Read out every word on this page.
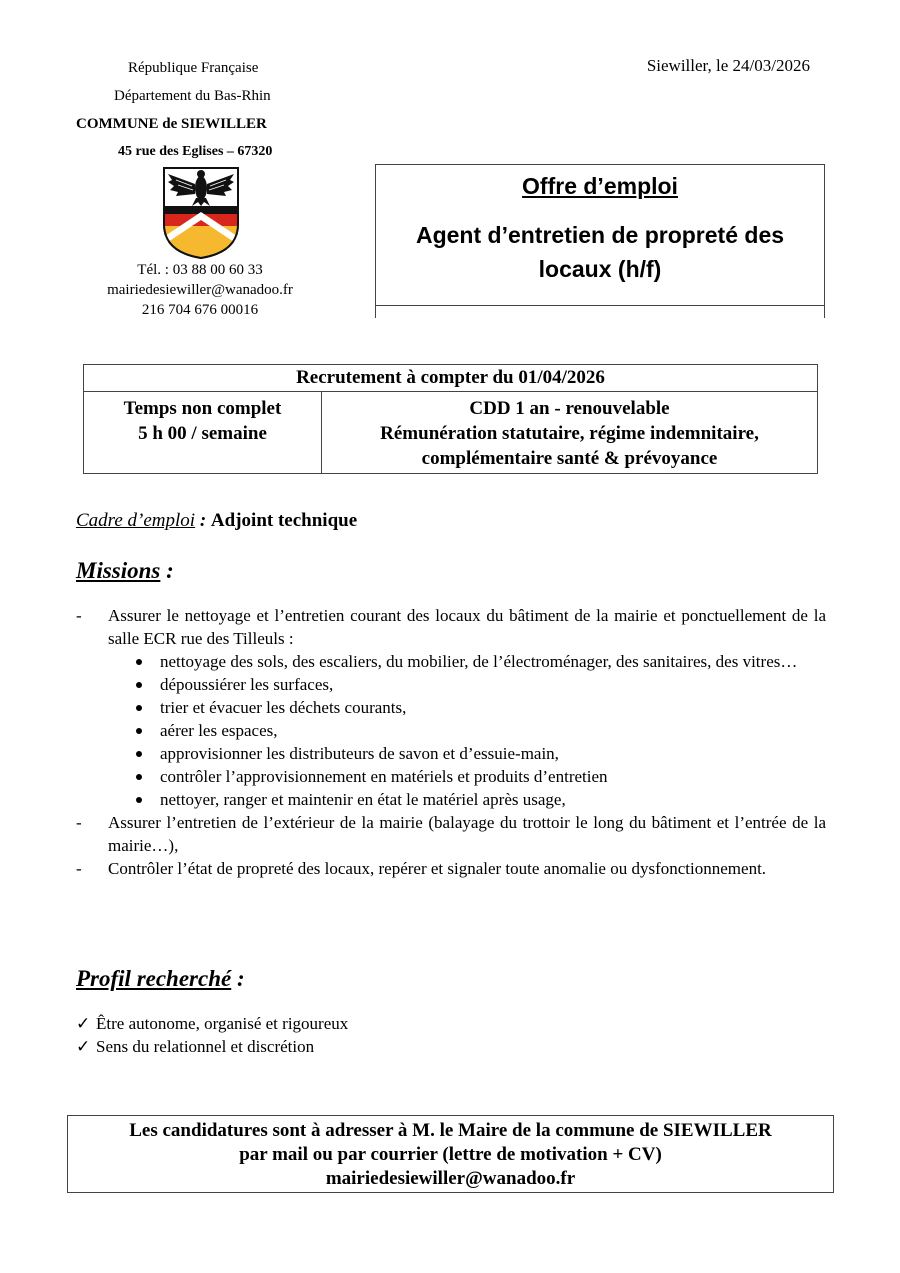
République Française
Département du Bas-Rhin
COMMUNE de SIEWILLER
45 rue des Eglises – 67320
Tél. : 03 88 00 60 33
mairiedesiewiller@wanadoo.fr
216 704 676 00016
Siewiller, le 24/03/2026
Offre d’emploi
Agent d’entretien de propreté des locaux (h/f)
Recrutement à compter du 01/04/2026

Temps non complet
5 h 00 / semaine

CDD 1 an - renouvelable
Rémunération statutaire, régime indemnitaire,
complémentaire santé & prévoyance
Cadre d’emploi : Adjoint technique
Missions :
- Assurer le nettoyage et l’entretien courant des locaux du bâtiment de la mairie et ponctuellement de la salle ECR rue des Tilleuls :
nettoyage des sols, des escaliers, du mobilier, de l’électroménager, des sanitaires, des vitres…
dépoussiérer les surfaces,
trier et évacuer les déchets courants,
aérer les espaces,
approvisionner les distributeurs de savon et d’essuie-main,
contrôler l’approvisionnement en matériels et produits d’entretien
nettoyer, ranger et maintenir en état le matériel après usage,
- Assurer l’entretien de l’extérieur de la mairie (balayage du trottoir le long du bâtiment et l’entrée de la mairie…),
- Contrôler l’état de propreté des locaux, repérer et signaler toute anomalie ou dysfonctionnement.
Profil recherché :
✓ Être autonome, organisé et rigoureux
✓ Sens du relationnel et discrétion
Les candidatures sont à adresser à M. le Maire de la commune de SIEWILLER
par mail ou par courrier (lettre de motivation + CV)
mairiedesiewiller@wanadoo.fr
